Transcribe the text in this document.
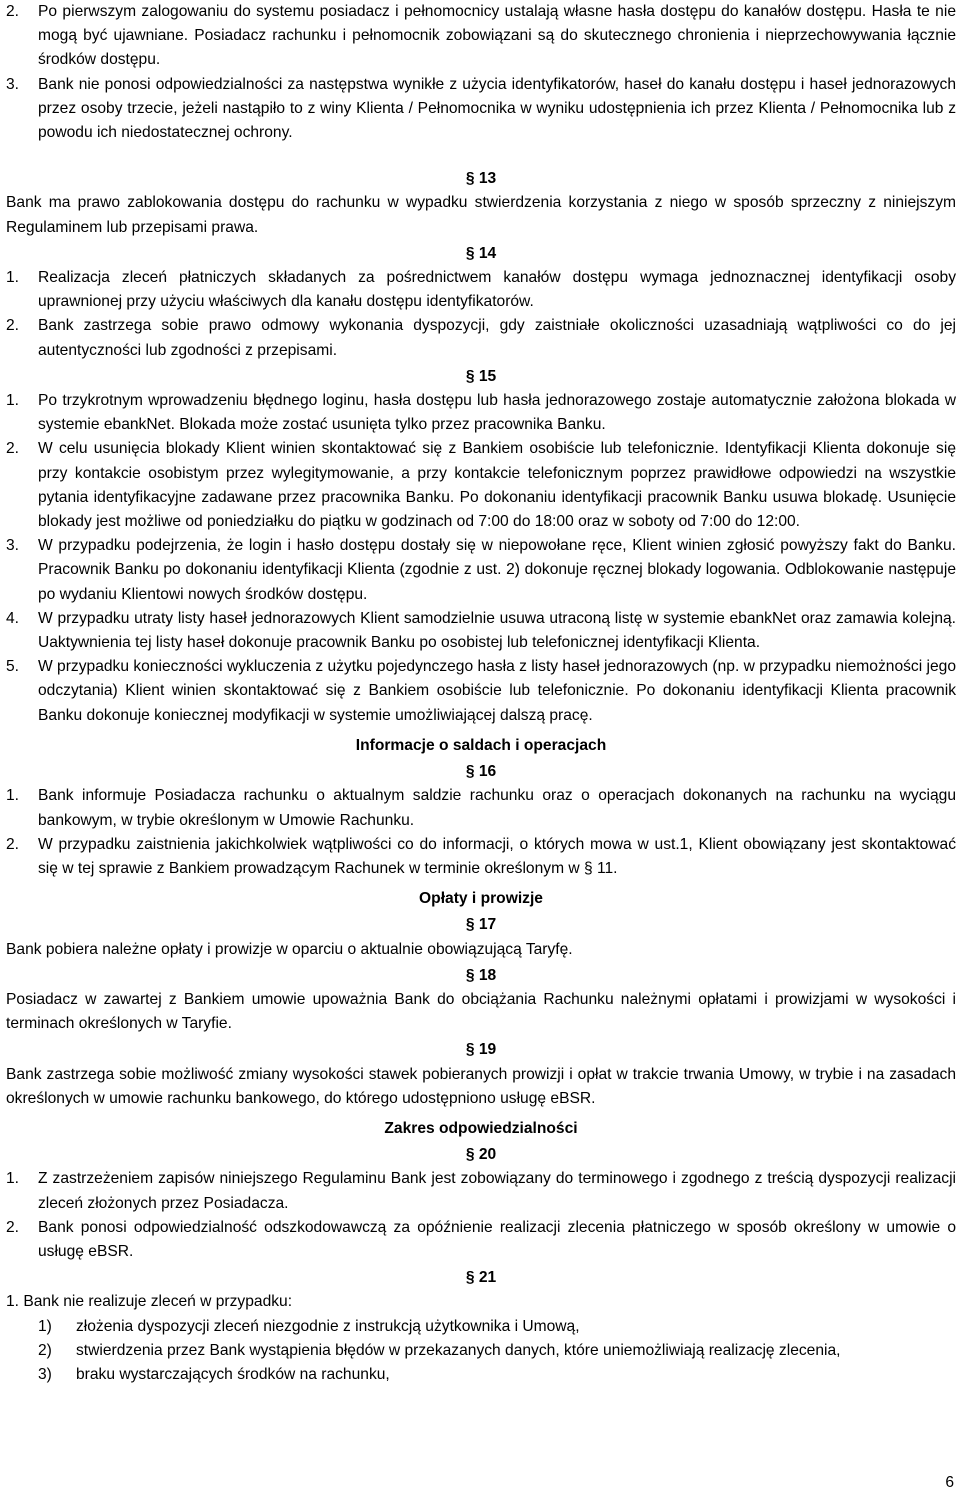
2. Po pierwszym zalogowaniu do systemu posiadacz i pełnomocnicy ustalają własne hasła dostępu do kanałów dostępu. Hasła te nie mogą być ujawniane. Posiadacz rachunku i pełnomocnik zobowiązani są do skutecznego chronienia i nieprzechowywania łącznie środków dostępu.
3. Bank nie ponosi odpowiedzialności za następstwa wynikłe z użycia identyfikatorów, haseł do kanału dostępu i haseł jednorazowych przez osoby trzecie, jeżeli nastąpiło to z winy Klienta / Pełnomocnika w wyniku udostępnienia ich przez Klienta / Pełnomocnika lub z powodu ich niedostatecznej ochrony.
§ 13
Bank ma prawo zablokowania dostępu do rachunku w wypadku stwierdzenia korzystania z niego w sposób sprzeczny z niniejszym Regulaminem lub przepisami prawa.
§ 14
1. Realizacja zleceń płatniczych składanych za pośrednictwem kanałów dostępu wymaga jednoznacznej identyfikacji osoby uprawnionej przy użyciu właściwych dla kanału dostępu identyfikatorów.
2. Bank zastrzega sobie prawo odmowy wykonania dyspozycji, gdy zaistniałe okoliczności uzasadniają wątpliwości co do jej autentyczności lub zgodności z przepisami.
§ 15
1. Po trzykrotnym wprowadzeniu błędnego loginu, hasła dostępu lub hasła jednorazowego zostaje automatycznie założona blokada w systemie ebankNet. Blokada może zostać usunięta tylko przez pracownika Banku.
2. W celu usunięcia blokady Klient winien skontaktować się z Bankiem osobiście lub telefonicznie. Identyfikacji Klienta dokonuje się przy kontakcie osobistym przez wylegitymowanie, a przy kontakcie telefonicznym poprzez prawidłowe odpowiedzi na wszystkie pytania identyfikacyjne zadawane przez pracownika Banku. Po dokonaniu identyfikacji pracownik Banku usuwa blokadę. Usunięcie blokady jest możliwe od poniedziałku do piątku w godzinach od 7:00 do 18:00 oraz w soboty od 7:00 do 12:00.
3. W przypadku podejrzenia, że login i hasło dostępu dostały się w niepowołane ręce, Klient winien zgłosić powyższy fakt do Banku. Pracownik Banku po dokonaniu identyfikacji Klienta (zgodnie z ust. 2) dokonuje ręcznej blokady logowania. Odblokowanie następuje po wydaniu Klientowi nowych środków dostępu.
4. W przypadku utraty listy haseł jednorazowych Klient samodzielnie usuwa utraconą listę w systemie ebankNet oraz zamawia kolejną. Uaktywnienia tej listy haseł dokonuje pracownik Banku po osobistej lub telefonicznej identyfikacji Klienta.
5. W przypadku konieczności wykluczenia z użytku pojedynczego hasła z listy haseł jednorazowych (np. w przypadku niemożności jego odczytania) Klient winien skontaktować się z Bankiem osobiście lub telefonicznie. Po dokonaniu identyfikacji Klienta pracownik Banku dokonuje koniecznej modyfikacji w systemie umożliwiającej dalszą pracę.
Informacje o saldach i operacjach
§ 16
1. Bank informuje Posiadacza rachunku o aktualnym saldzie rachunku oraz o operacjach dokonanych na rachunku na wyciągu bankowym, w trybie określonym w Umowie Rachunku.
2. W przypadku zaistnienia jakichkolwiek wątpliwości co do informacji, o których mowa w ust.1, Klient obowiązany jest skontaktować się w tej sprawie z Bankiem prowadzącym Rachunek w terminie określonym w § 11.
Opłaty i prowizje
§ 17
Bank pobiera należne opłaty i prowizje w oparciu o aktualnie obowiązującą Taryfę.
§ 18
Posiadacz w zawartej z Bankiem umowie upoważnia Bank do obciążania Rachunku należnymi opłatami i prowizjami w wysokości i terminach określonych w Taryfie.
§ 19
Bank zastrzega sobie możliwość zmiany wysokości stawek pobieranych prowizji i opłat w trakcie trwania Umowy, w trybie i na zasadach określonych w umowie rachunku bankowego, do którego udostępniono usługę eBSR.
Zakres odpowiedzialności
§ 20
1. Z zastrzeżeniem zapisów niniejszego Regulaminu Bank jest zobowiązany do terminowego i zgodnego z treścią dyspozycji realizacji zleceń złożonych przez Posiadacza.
2. Bank ponosi odpowiedzialność odszkodowawczą za opóźnienie realizacji zlecenia płatniczego w sposób określony w umowie o usługę eBSR.
§ 21
1. Bank nie realizuje zleceń w przypadku:
1) złożenia dyspozycji zleceń niezgodnie z instrukcją użytkownika i Umową,
2) stwierdzenia przez Bank wystąpienia błędów w przekazanych danych, które uniemożliwiają realizację zlecenia,
3) braku wystarczających środków na rachunku,
6
